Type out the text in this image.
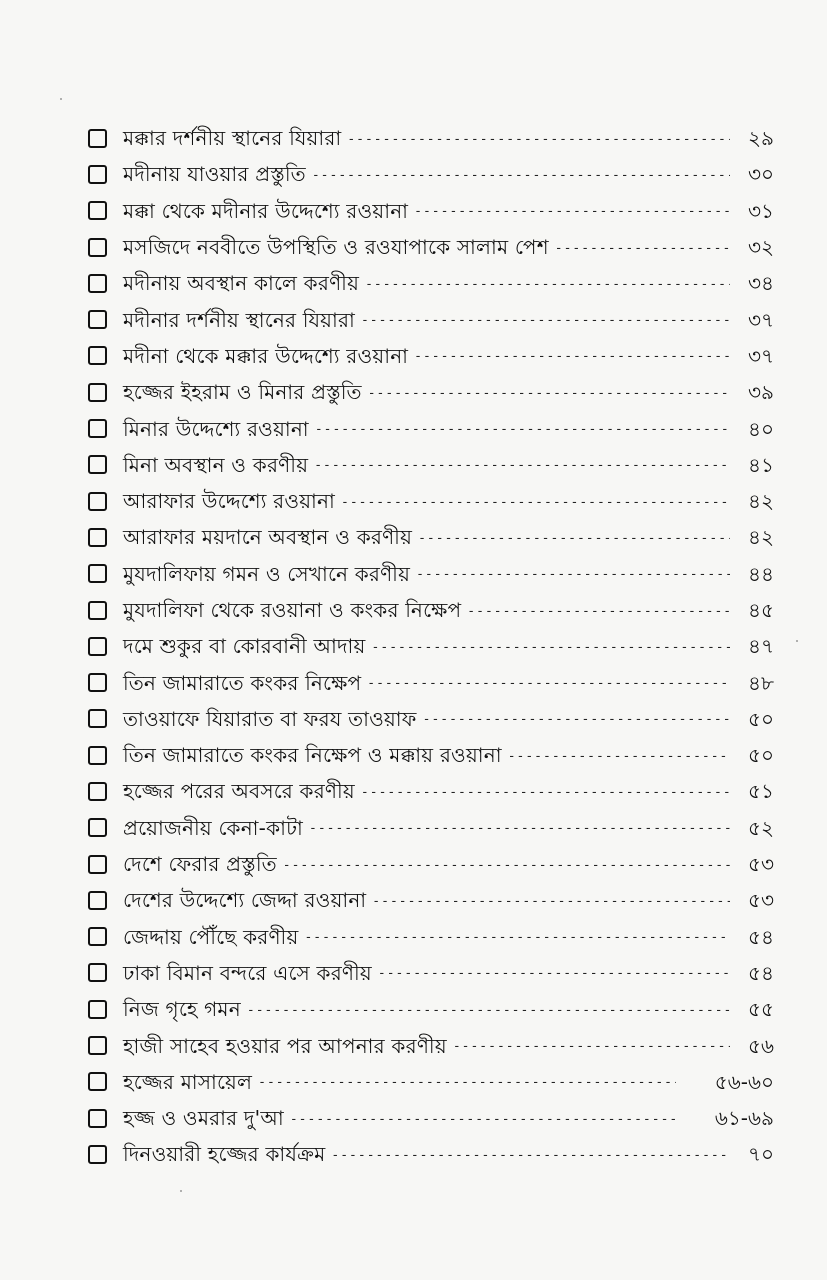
মক্কার দর্শনীয় স্থানের যিয়ারা -----	২৯
মদীনায় যাওয়ার প্রস্তুতি -----	৩০
মক্কা থেকে মদীনার উদ্দেশ্যে রওয়ানা -----	৩১
মসজিদে নববীতে উপস্থিতি ও রওযাপাকে সালাম পেশ -----	৩২
মদীনায় অবস্থান কালে করণীয় -----	৩৪
মদীনার দর্শনীয় স্থানের যিয়ারা -----	৩৭
মদীনা থেকে মক্কার উদ্দেশ্যে রওয়ানা -----	৩৭
হজ্জের ইহরাম ও মিনার প্রস্তুতি -----	৩৯
মিনার উদ্দেশ্যে রওয়ানা -----	৪০
মিনা অবস্থান ও করণীয় -----	৪১
আরাফার উদ্দেশ্যে রওয়ানা -----	৪২
আরাফার ময়দানে অবস্থান ও করণীয় -----	৪২
মুযদালিফায় গমন ও সেখানে করণীয় -----	৪৪
মুযদালিফা থেকে রওয়ানা ও কংকর নিক্ষেপ -----	৪৫
দমে শুকুর বা কোরবানী আদায় -----	৪৭
তিন জামারাতে কংকর নিক্ষেপ -----	৪৮
তাওয়াফে যিয়ারাত বা ফরয তাওয়াফ -----	৫০
তিন জামারাতে কংকর নিক্ষেপ ও মক্কায় রওয়ানা -----	৫০
হজ্জের পরের অবসরে করণীয় -----	৫১
প্রয়োজনীয় কেনা-কাটা -----	৫২
দেশে ফেরার প্রস্তুতি -----	৫৩
দেশের উদ্দেশ্যে জেদ্দা রওয়ানা -----	৫৩
জেদ্দায় পৌঁছে করণীয় -----	৫৪
ঢাকা বিমান বন্দরে এসে করণীয় -----	৫৪
নিজ গৃহে গমন -----	৫৫
হাজী সাহেব হওয়ার পর আপনার করণীয় -----	৫৬
হজ্জের মাসায়েল -----	৫৬-৬০
হজ্জ ও ওমরার দু'আ -----	৬১-৬৯
দিনওয়ারী হজ্জের কার্যক্রম -----	৭০
